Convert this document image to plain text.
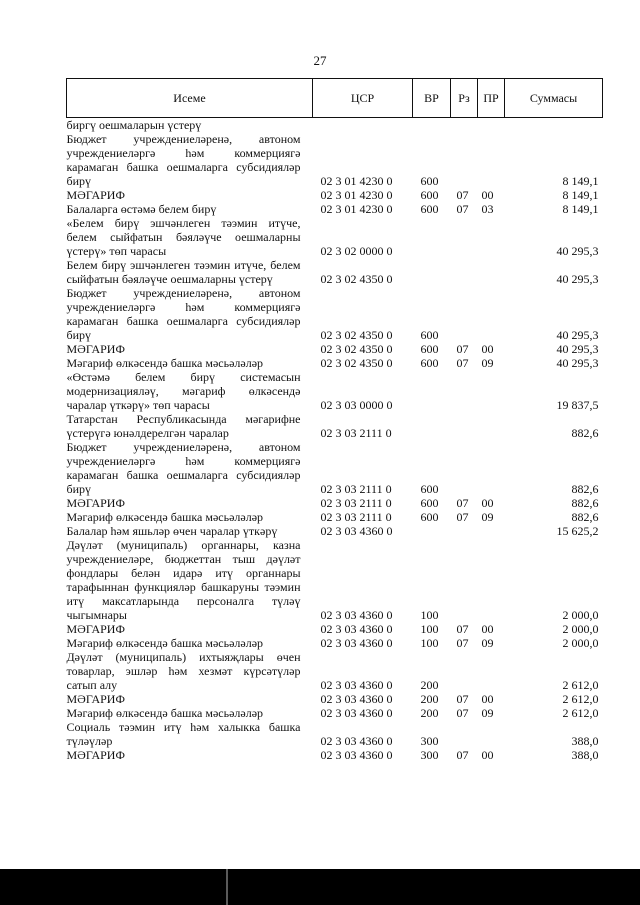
27
Исеме	ЦСР	ВР	Рз	ПР	Суммасы
биргү оешмаларын үстерү					
Бюджет учреждениеләренә, автоном учреждениеләргә һәм коммерциягә карамаган башка оешмаларга субсидияләр бирү	02 3 01 4230 0	600			8 149,1
МӘГАРИФ	02 3 01 4230 0	600	07	00	8 149,1
Балаларга өстәмә белем бирү	02 3 01 4230 0	600	07	03	8 149,1
«Белем бирү эшчәнлеген тәэмин итүче, белем сыйфатын бәяләүче оешмаларны үстерү» төп чарасы	02 3 02 0000 0				40 295,3
Белем бирү эшчәнлеген тәэмин итүче, белем сыйфатын бәяләүче оешмаларны үстерү	02 3 02 4350 0				40 295,3
Бюджет учреждениеләренә, автоном учреждениеләргә һәм коммерциягә карамаган башка оешмаларга субсидияләр бирү	02 3 02 4350 0	600			40 295,3
МӘГАРИФ	02 3 02 4350 0	600	07	00	40 295,3
Мәгариф өлкәсендә башка мәсьәләләр	02 3 02 4350 0	600	07	09	40 295,3
«Өстәмә белем бирү системасын модернизацияләү, мәгариф өлкәсендә чаралар үткәрү» төп чарасы	02 3 03 0000 0				19 837,5
Татарстан Республикасында мәгарифне үстерүгә юнәлдерелгән чаралар	02 3 03 2111 0				882,6
Бюджет учреждениеләренә, автоном учреждениеләргә һәм коммерциягә карамаган башка оешмаларга субсидияләр бирү	02 3 03 2111 0	600			882,6
МӘГАРИФ	02 3 03 2111 0	600	07	00	882,6
Мәгариф өлкәсендә башка мәсьәләләр	02 3 03 2111 0	600	07	09	882,6
Балалар һәм яшьләр өчен чаралар үткәрү	02 3 03 4360 0				15 625,2
Дәүләт (муниципаль) органнары, казна учреждениеләре, бюджеттан тыш дәүләт фондлары белән идарә итү органнары тарафыннан функцияләр башкаруны тәэмин итү максатларында персоналга түләү чыгымнары	02 3 03 4360 0	100			2 000,0
МӘГАРИФ	02 3 03 4360 0	100	07	00	2 000,0
Мәгариф өлкәсендә башка мәсьәләләр	02 3 03 4360 0	100	07	09	2 000,0
Дәүләт (муниципаль) ихтыяҗлары өчен товарлар, эшләр һәм хезмәт күрсәтүләр сатып алу	02 3 03 4360 0	200			2 612,0
МӘГАРИФ	02 3 03 4360 0	200	07	00	2 612,0
Мәгариф өлкәсендә башка мәсьәләләр	02 3 03 4360 0	200	07	09	2 612,0
Социаль тәэмин итү һәм халыкка башка түләүләр	02 3 03 4360 0	300			388,0
МӘГАРИФ	02 3 03 4360 0	300	07	00	388,0
